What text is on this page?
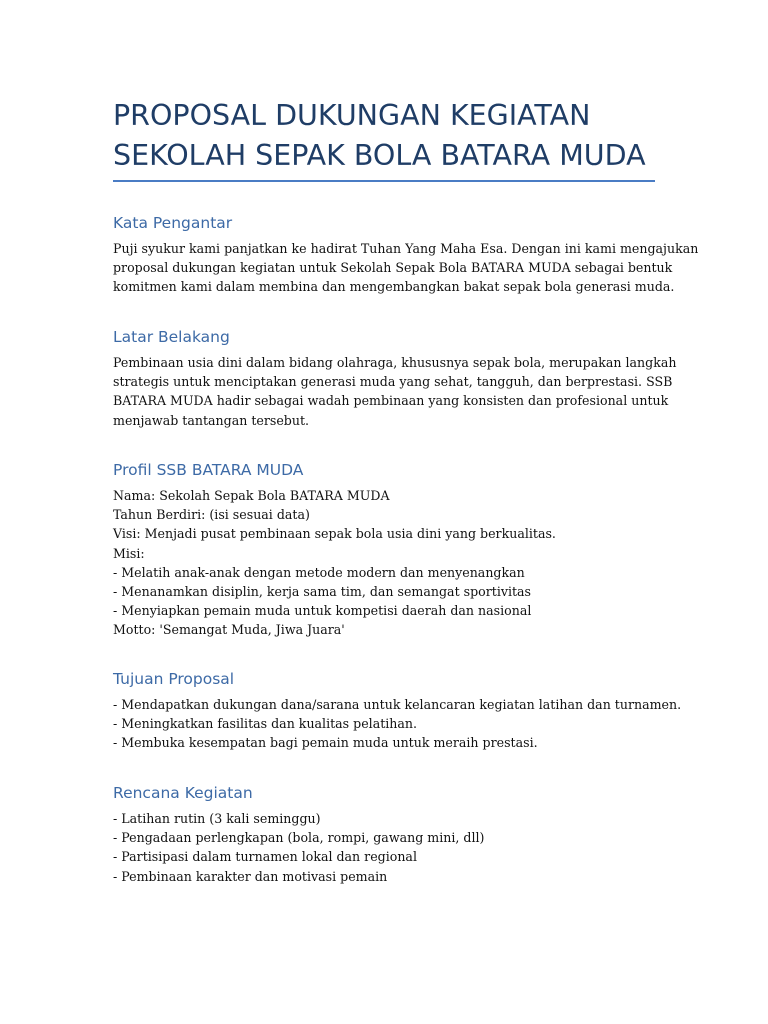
PROPOSAL DUKUNGAN KEGIATAN
SEKOLAH SEPAK BOLA BATARA MUDA
Kata Pengantar

Puji syukur kami panjatkan ke hadirat Tuhan Yang Maha Esa. Dengan ini kami mengajukan

proposal dukungan kegiatan untuk Sekolah Sepak Bola BATARA MUDA sebagai bentuk

komitmen kami dalam membina dan mengembangkan bakat sepak bola generasi muda.

Latar Belakang

Pembinaan usia dini dalam bidang olahraga, khususnya sepak bola, merupakan langkah

strategis untuk menciptakan generasi muda yang sehat, tangguh, dan berprestasi. SSB

BATARA MUDA hadir sebagai wadah pembinaan yang konsisten dan profesional untuk

menjawab tantangan tersebut.

Profil SSB BATARA MUDA

Nama: Sekolah Sepak Bola BATARA MUDA

Tahun Berdiri: (isi sesuai data)

Visi: Menjadi pusat pembinaan sepak bola usia dini yang berkualitas.

Misi:

- Melatih anak-anak dengan metode modern dan menyenangkan

- Menanamkan disiplin, kerja sama tim, dan semangat sportivitas

- Menyiapkan pemain muda untuk kompetisi daerah dan nasional

Motto: 'Semangat Muda, Jiwa Juara'

Tujuan Proposal

- Mendapatkan dukungan dana/sarana untuk kelancaran kegiatan latihan dan turnamen.

- Meningkatkan fasilitas dan kualitas pelatihan.

- Membuka kesempatan bagi pemain muda untuk meraih prestasi.

Rencana Kegiatan

- Latihan rutin (3 kali seminggu)

- Pengadaan perlengkapan (bola, rompi, gawang mini, dll)

- Partisipasi dalam turnamen lokal dan regional

- Pembinaan karakter dan motivasi pemain
